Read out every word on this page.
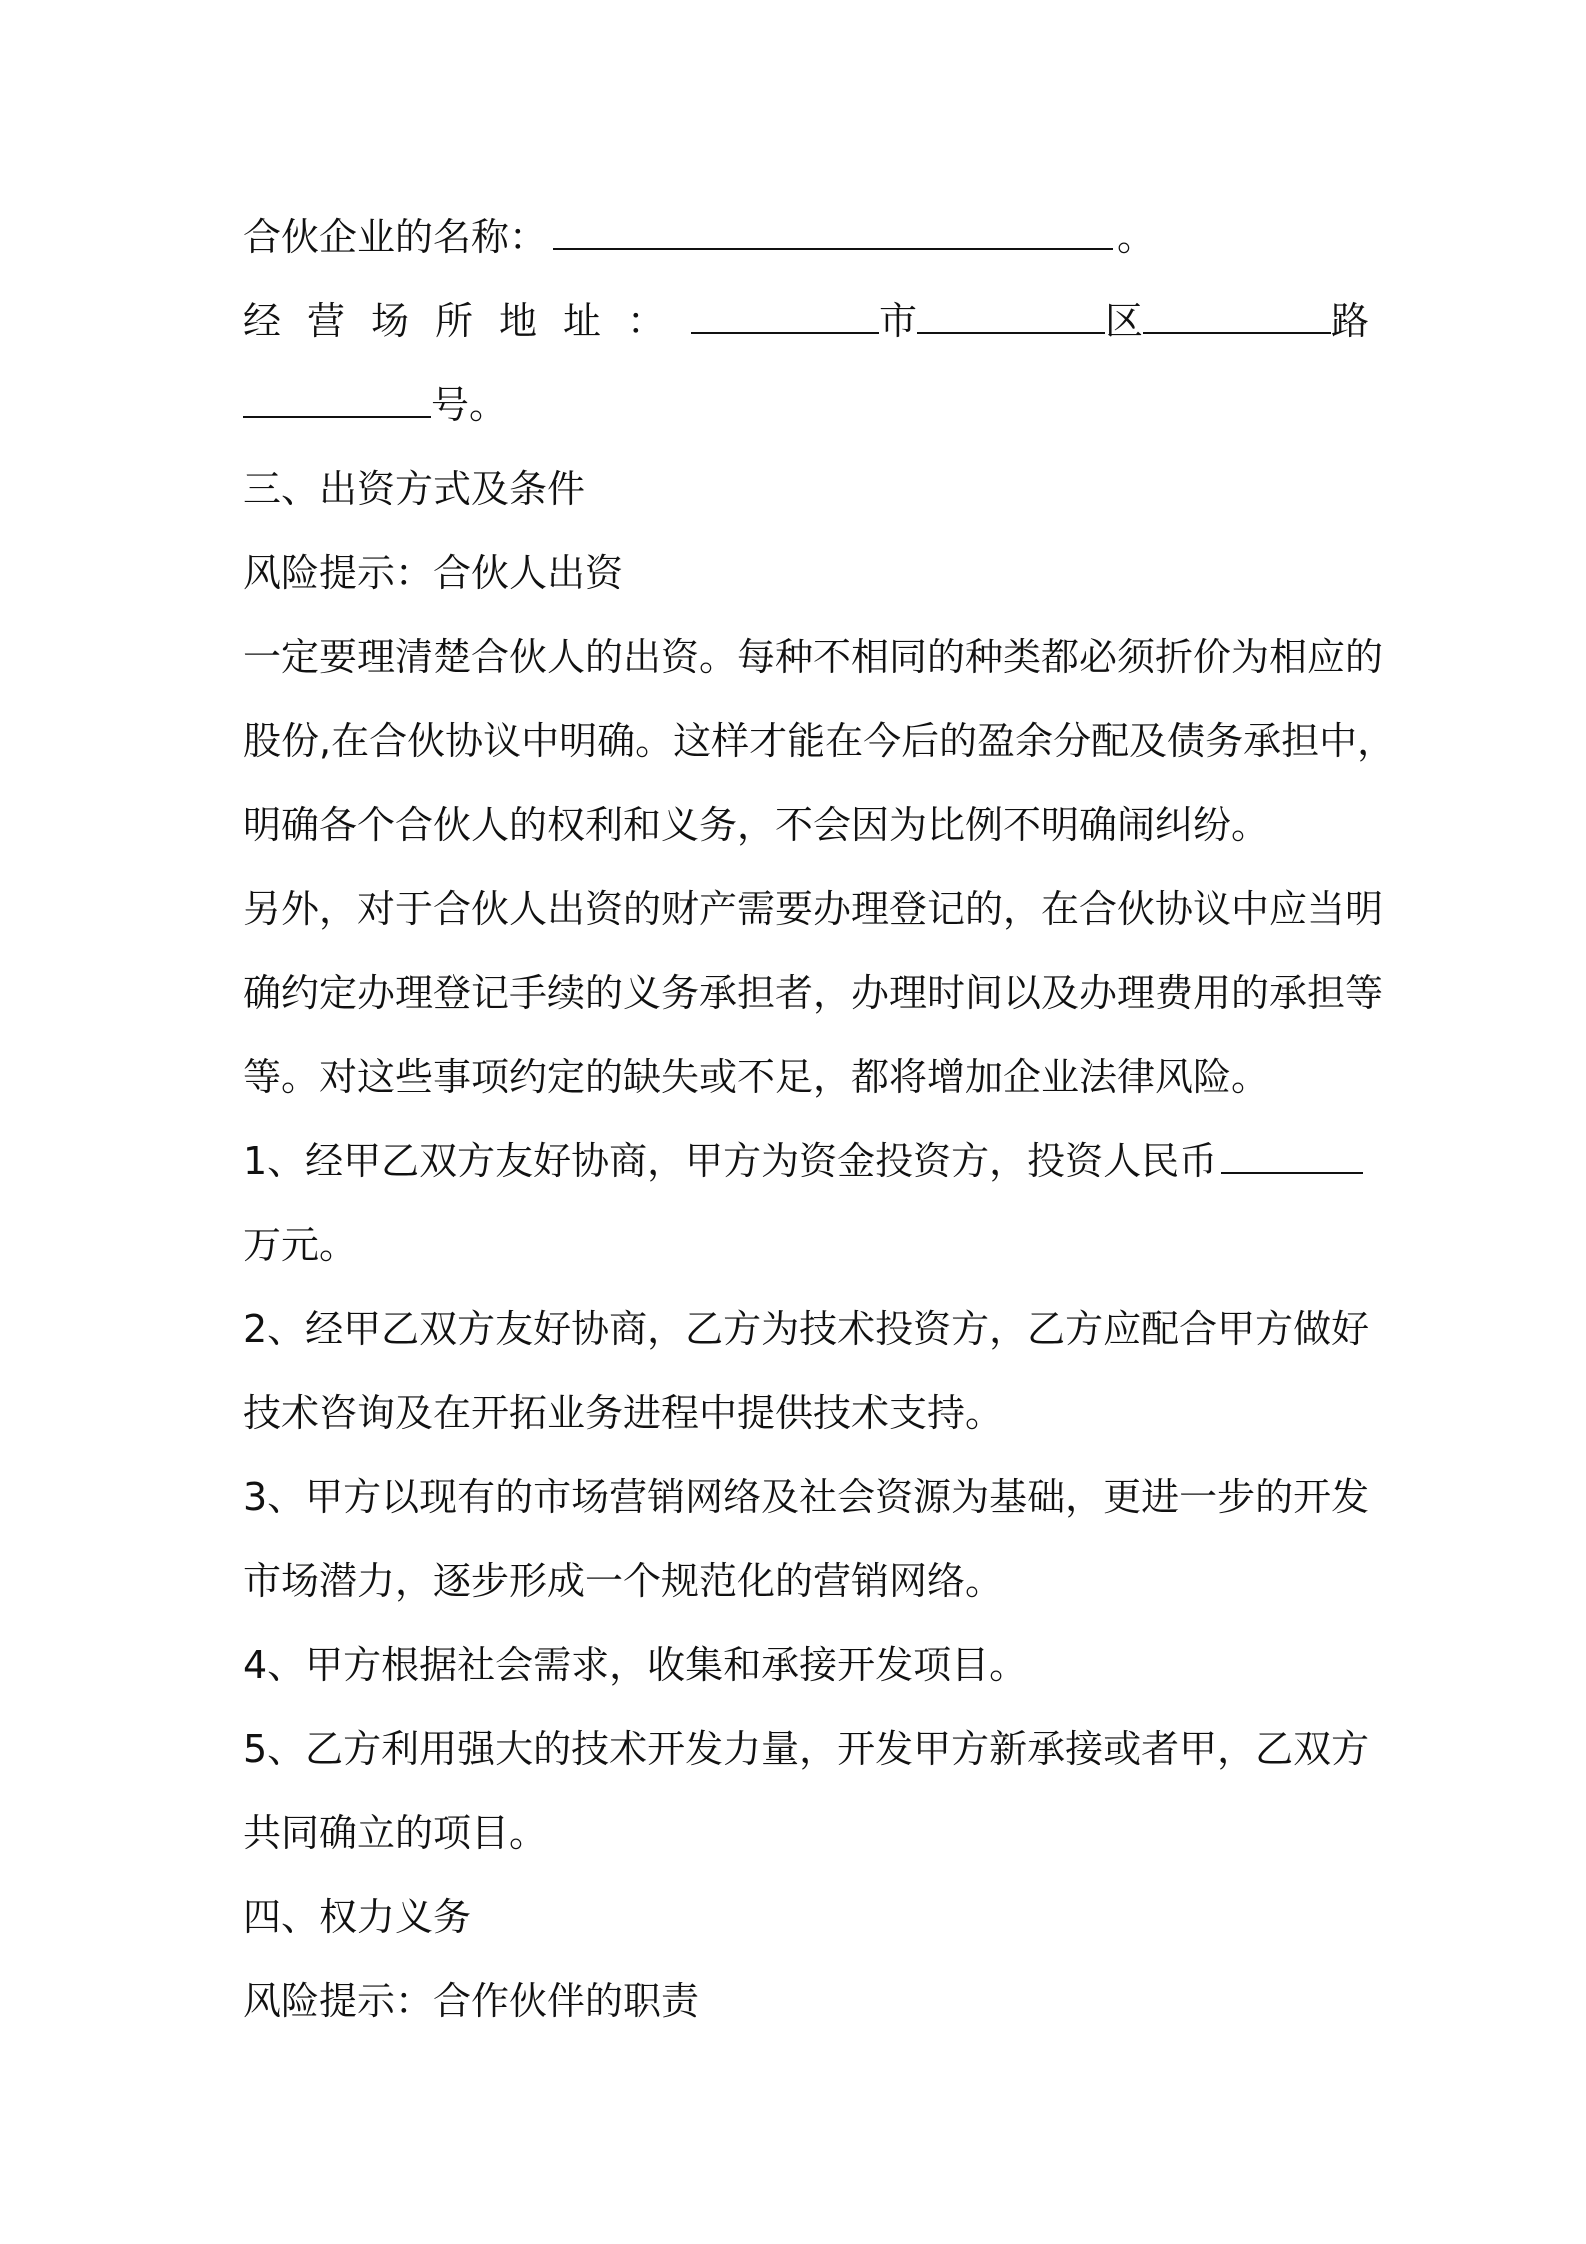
合伙企业的名称：	。

经营场所地址：	市	区	路

号。

三、出资方式及条件

风险提示：合伙人出资

一定要理清楚合伙人的出资。每种不相同的种类都必须折价为相应的

股份,在合伙协议中明确。这样才能在今后的盈余分配及债务承担中，

明确各个合伙人的权利和义务，不会因为比例不明确闹纠纷。

另外，对于合伙人出资的财产需要办理登记的，在合伙协议中应当明

确约定办理登记手续的义务承担者，办理时间以及办理费用的承担等

等。对这些事项约定的缺失或不足，都将增加企业法律风险。

1、经甲乙双方友好协商，甲方为资金投资方，投资人民币

万元。

2、经甲乙双方友好协商，乙方为技术投资方，乙方应配合甲方做好

技术咨询及在开拓业务进程中提供技术支持。

3、甲方以现有的市场营销网络及社会资源为基础，更进一步的开发

市场潜力，逐步形成一个规范化的营销网络。

4、甲方根据社会需求，收集和承接开发项目。

5、乙方利用强大的技术开发力量，开发甲方新承接或者甲，乙双方

共同确立的项目。

四、权力义务

风险提示：合作伙伴的职责
